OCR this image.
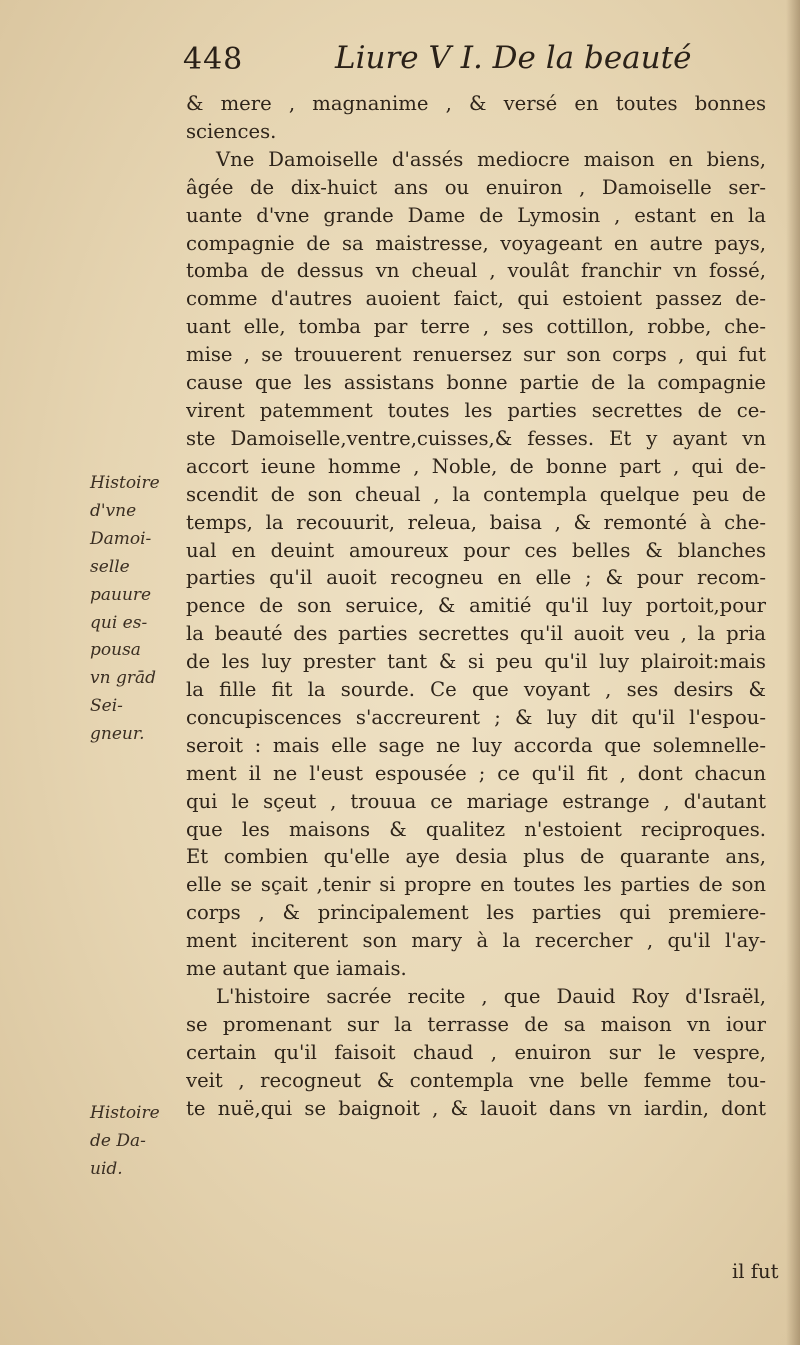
448	Liure V I. De la beauté
& mere , magnanime , & versé en toutes bonnes
sciences.
Vne Damoiselle d'assés mediocre maison en biens,
âgée de dix-huict ans ou enuiron , Damoiselle ser-
uante d'vne grande Dame de Lymosin , estant en la
compagnie de sa maistresse, voyageant en autre pays,
tomba de dessus vn cheual , voulât franchir vn fossé,
comme d'autres auoient faict, qui estoient passez de-
uant elle, tomba par terre , ses cottillon, robbe, che-
mise , se trouuerent renuersez sur son corps , qui fut
cause que les assistans bonne partie de la compagnie
virent patemment toutes les parties secrettes de ce-
ste Damoiselle,ventre,cuisses,& fesses. Et y ayant vn
accort ieune homme , Noble, de bonne part , qui de-
scendit de son cheual , la contempla quelque peu de
temps, la recouurit, releua, baisa , & remonté à che-
ual en deuint amoureux pour ces belles & blanches
parties qu'il auoit recogneu en elle ; & pour recom-
pence de son seruice, & amitié qu'il luy portoit,pour
la beauté des parties secrettes qu'il auoit veu , la pria
de les luy prester tant & si peu qu'il luy plairoit:mais
la fille fit la sourde. Ce que voyant , ses desirs &
concupiscences s'accreurent ; & luy dit qu'il l'espou-
seroit : mais elle sage ne luy accorda que solemnelle-
ment il ne l'eust espousée ; ce qu'il fit , dont chacun
qui le sçeut , trouua ce mariage estrange , d'autant
que les maisons & qualitez n'estoient reciproques.
Et combien qu'elle aye desia plus de quarante ans,
elle se sçait ,tenir si propre en toutes les parties de son
corps , & principalement les parties qui premiere-
ment inciterent son mary à la recercher , qu'il l'ay-
me autant que iamais.
L'histoire sacrée recite , que Dauid Roy d'Israël,
se promenant sur la terrasse de sa maison vn iour
certain qu'il faisoit chaud , enuiron sur le vespre,
veit , recogneut & contempla vne belle femme tou-
te nuë,qui se baignoit , & lauoit dans vn iardin, dont
Histoire
d'vne
Damoi-
selle
pauure
qui es-
pousa
vn grād
Sei-
gneur.
Histoire
de Da-
uid.
il fut
